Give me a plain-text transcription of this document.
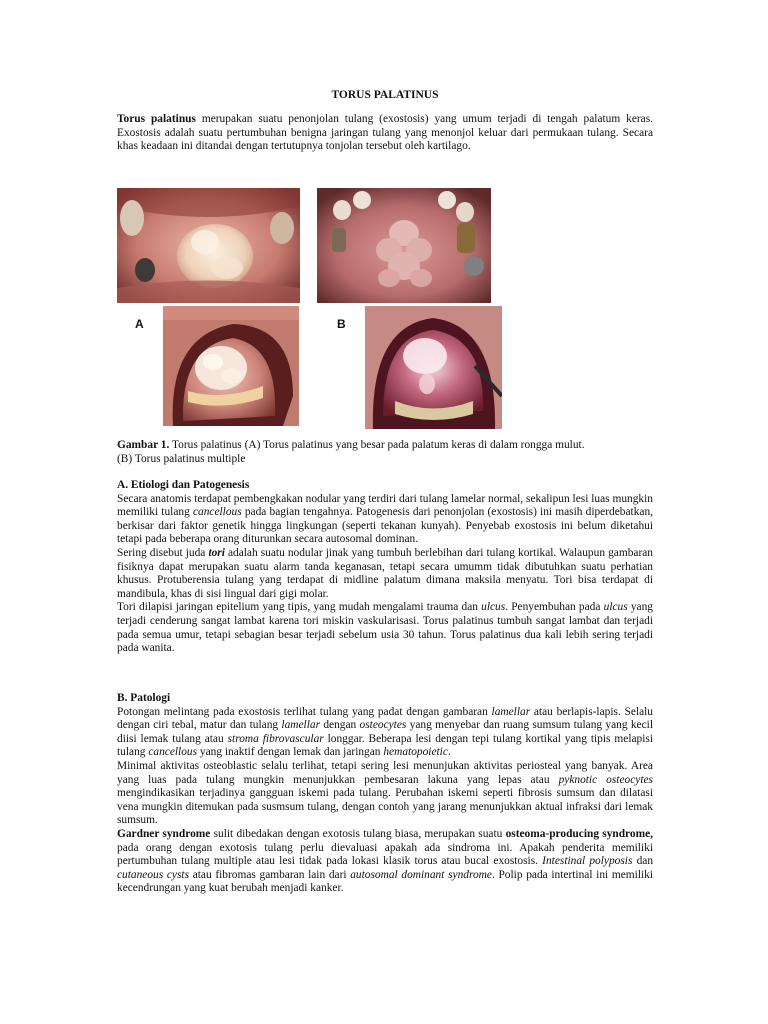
TORUS PALATINUS

Torus palatinus merupakan suatu penonjolan tulang (exostosis) yang umum terjadi di tengah palatum keras. Exostosis adalah suatu pertumbuhan benigna jaringan tulang yang menonjol keluar dari permukaan tulang. Secara khas keadaan ini ditandai dengan tertutupnya tonjolan tersebut oleh kartilago.

A	B

Gambar 1. Torus palatinus (A) Torus palatinus yang besar pada palatum keras di dalam rongga mulut.
(B) Torus palatinus multiple

A. Etiologi dan Patogenesis

Secara anatomis terdapat pembengkakan nodular yang terdiri dari tulang lamelar normal, sekalipun lesi luas mungkin memiliki tulang cancellous pada bagian tengahnya. Patogenesis dari penonjolan (exostosis) ini masih diperdebatkan, berkisar dari faktor genetik hingga lingkungan (seperti tekanan kunyah). Penyebab exostosis ini belum diketahui tetapi pada beberapa orang diturunkan secara autosomal dominan.

Sering disebut juda tori adalah suatu nodular jinak yang tumbuh berlebihan dari tulang kortikal. Walaupun gambaran fisiknya dapat merupakan suatu alarm tanda keganasan, tetapi secara umumm tidak dibutuhkan suatu perhatian khusus. Protuberensia tulang yang terdapat di midline palatum dimana maksila menyatu. Tori bisa terdapat di mandibula, khas di sisi lingual dari gigi molar.

Tori dilapisi jaringan epitelium yang tipis, yang mudah mengalami trauma dan ulcus. Penyembuhan pada ulcus yang terjadi cenderung sangat lambat karena tori miskin vaskularisasi. Torus palatinus tumbuh sangat lambat dan terjadi pada semua umur, tetapi sebagian besar terjadi sebelum usia 30 tahun. Torus palatinus dua kali lebih sering terjadi pada wanita.

B. Patologi

Potongan melintang pada exostosis terlihat tulang yang padat dengan gambaran lamellar atau berlapis-lapis. Selalu dengan ciri tebal, matur dan tulang lamellar dengan osteocytes yang menyebar dan ruang sumsum tulang yang kecil diisi lemak tulang atau stroma fibrovascular longgar. Beberapa lesi dengan tepi tulang kortikal yang tipis melapisi tulang cancellous yang inaktif dengan lemak dan jaringan hematopoietic.

Minimal aktivitas osteoblastic selalu terlihat, tetapi sering lesi menunjukan aktivitas periosteal yang banyak. Area yang luas pada tulang mungkin menunjukkan pembesaran lakuna yang lepas atau pyknotic osteocytes mengindikasikan terjadinya gangguan iskemi pada tulang. Perubahan iskemi seperti fibrosis sumsum dan dilatasi vena mungkin ditemukan pada susmsum tulang, dengan contoh yang jarang menunjukkan aktual infraksi dari lemak sumsum.

Gardner syndrome sulit dibedakan dengan exotosis tulang biasa, merupakan suatu osteoma-producing syndrome, pada orang dengan exotosis tulang perlu dievaluasi apakah ada sindroma ini. Apakah penderita memiliki pertumbuhan tulang multiple atau lesi tidak pada lokasi klasik torus atau bucal exostosis. Intestinal polyposis dan cutaneous cysts atau fibromas gambaran lain dari autosomal dominant syndrome. Polip pada intertinal ini memiliki kecendrungan yang kuat berubah menjadi kanker.
